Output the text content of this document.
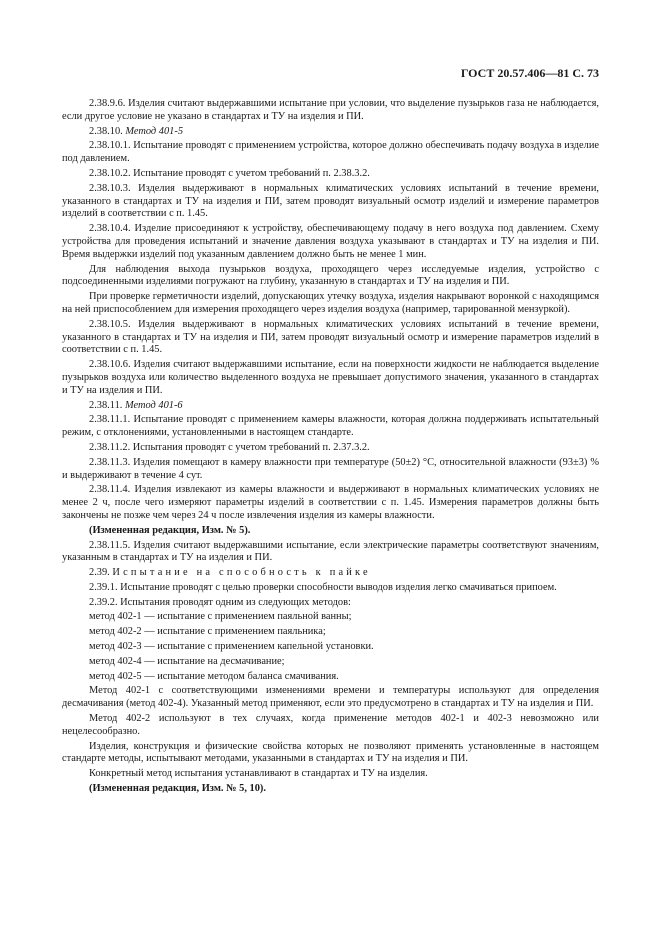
ГОСТ 20.57.406—81 С. 73

2.38.9.6. Изделия считают выдержавшими испытание при условии, что выделение пузырьков газа не наблюдается, если другое условие не указано в стандартах и ТУ на изделия и ПИ.

2.38.10. Метод 401-5

2.38.10.1. Испытание проводят с применением устройства, которое должно обеспечивать подачу воздуха в изделие под давлением.

2.38.10.2. Испытание проводят с учетом требований п. 2.38.3.2.

2.38.10.3. Изделия выдерживают в нормальных климатических условиях испытаний в течение времени, указанного в стандартах и ТУ на изделия и ПИ, затем проводят визуальный осмотр изделий и измерение параметров изделий в соответствии с п. 1.45.

2.38.10.4. Изделие присоединяют к устройству, обеспечивающему подачу в него воздуха под давлением. Схему устройства для проведения испытаний и значение давления воздуха указывают в стандартах и ТУ на изделия и ПИ. Время выдержки изделий под указанным давлением должно быть не менее 1 мин.

Для наблюдения выхода пузырьков воздуха, проходящего через исследуемые изделия, устройство с подсоединенными изделиями погружают на глубину, указанную в стандартах и ТУ на изделия и ПИ.

При проверке герметичности изделий, допускающих утечку воздуха, изделия накрывают воронкой с находящимся на ней приспособлением для измерения проходящего через изделия воздуха (например, тарированной мензуркой).

2.38.10.5. Изделия выдерживают в нормальных климатических условиях испытаний в течение времени, указанного в стандартах и ТУ на изделия и ПИ, затем проводят визуальный осмотр и измерение параметров изделий в соответствии с п. 1.45.

2.38.10.6. Изделия считают выдержавшими испытание, если на поверхности жидкости не наблюдается выделение пузырьков воздуха или количество выделенного воздуха не превышает допустимого значения, указанного в стандартах и ТУ на изделия и ПИ.

2.38.11. Метод 401-6

2.38.11.1. Испытание проводят с применением камеры влажности, которая должна поддерживать испытательный режим, с отклонениями, установленными в настоящем стандарте.

2.38.11.2. Испытания проводят с учетом требований п. 2.37.3.2.

2.38.11.3. Изделия помещают в камеру влажности при температуре (50±2) °С, относительной влажности (93±3) % и выдерживают в течение 4 сут.

2.38.11.4. Изделия извлекают из камеры влажности и выдерживают в нормальных климатических условиях не менее 2 ч, после чего измеряют параметры изделий в соответствии с п. 1.45. Измерения параметров должны быть закончены не позже чем через 24 ч после извлечения изделия из камеры влажности.

(Измененная редакция, Изм. № 5).

2.38.11.5. Изделия считают выдержавшими испытание, если электрические параметры соответствуют значениям, указанным в стандартах и ТУ на изделия и ПИ.

2.39. Испытание на способность к пайке

2.39.1. Испытание проводят с целью проверки способности выводов изделия легко смачиваться припоем.

2.39.2. Испытания проводят одним из следующих методов:

метод 402-1 — испытание с применением паяльной ванны;

метод 402-2 — испытание с применением паяльника;

метод 402-3 — испытание с применением капельной установки.

метод 402-4 — испытание на десмачивание;

метод 402-5 — испытание методом баланса смачивания.

Метод 402-1 с соответствующими изменениями времени и температуры используют для определения десмачивания (метод 402-4). Указанный метод применяют, если это предусмотрено в стандартах и ТУ на изделия и ПИ.

Метод 402-2 используют в тех случаях, когда применение методов 402-1 и 402-3 невозможно или нецелесообразно.

Изделия, конструкция и физические свойства которых не позволяют применять установленные в настоящем стандарте методы, испытывают методами, указанными в стандартах и ТУ на изделия и ПИ.

Конкретный метод испытания устанавливают в стандартах и ТУ на изделия.

(Измененная редакция, Изм. № 5, 10).
